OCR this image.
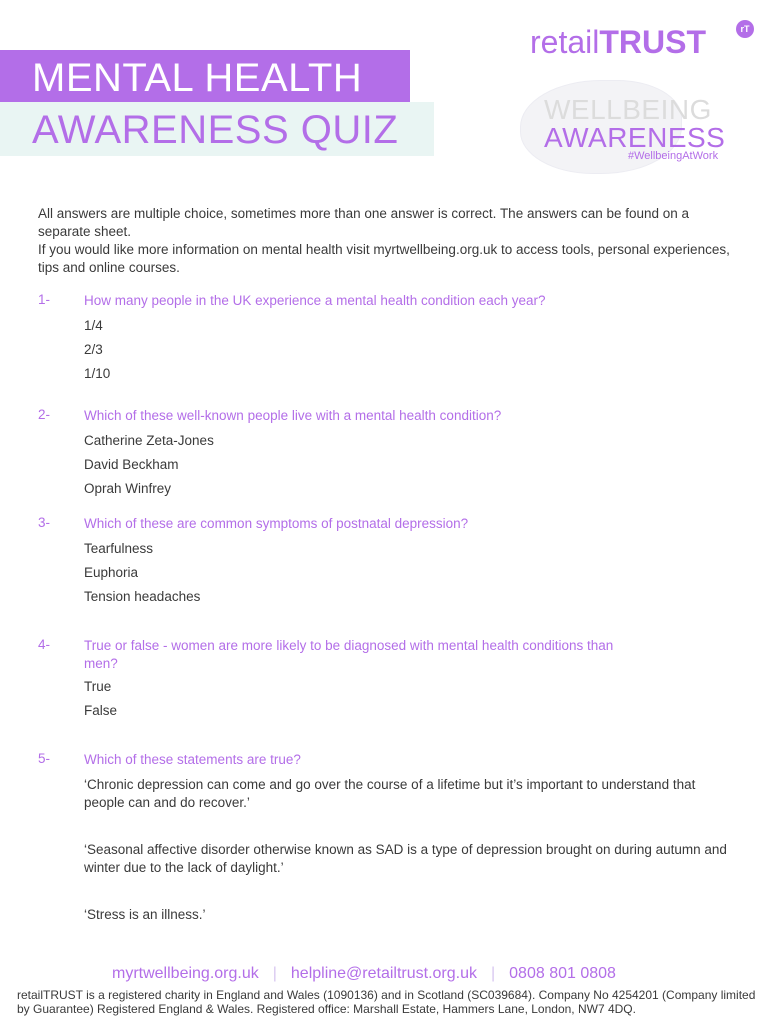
MENTAL HEALTH
AWARENESS QUIZ
retailTRUST	rT
WELLBEING
AWARENESS
#WellbeingAtWork
All answers are multiple choice, sometimes more than one answer is correct. The answers can be found on a separate sheet.
If you would like more information on mental health visit myrtwellbeing.org.uk to access tools, personal experiences, tips and online courses.
1-	How many people in the UK experience a mental health condition each year?
1/4
2/3
1/10
2-	Which of these well-known people live with a mental health condition?
Catherine Zeta-Jones
David Beckham
Oprah Winfrey
3-	Which of these are common symptoms of postnatal depression?
Tearfulness
Euphoria
Tension headaches
4-	True or false - women are more likely to be diagnosed with mental health conditions than men?
True
False
5-	Which of these statements are true?
‘Chronic depression can come and go over the course of a lifetime but it’s important to understand that people can and do recover.’
‘Seasonal affective disorder otherwise known as SAD is a type of depression brought on during autumn and winter due to the lack of daylight.’
‘Stress is an illness.’
myrtwellbeing.org.uk | helpline@retailtrust.org.uk | 0808 801 0808
retailTRUST is a registered charity in England and Wales (1090136) and in Scotland (SC039684). Company No 4254201 (Company limited by Guarantee) Registered England & Wales. Registered office: Marshall Estate, Hammers Lane, London, NW7 4DQ.
